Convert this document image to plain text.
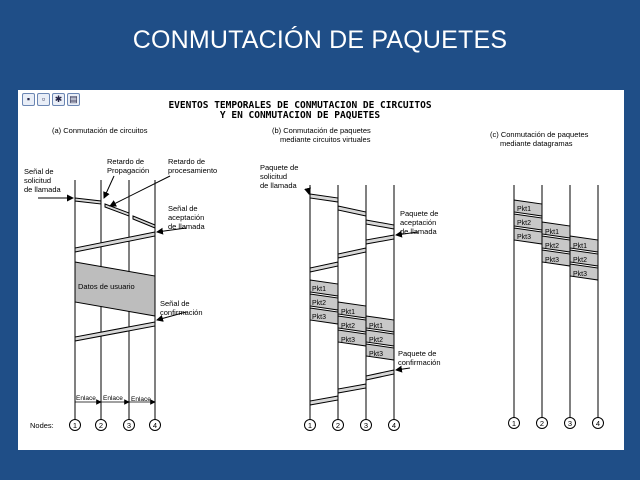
CONMUTACIÓN DE PAQUETES
▪	▫	✱ ▤
EVENTOS TEMPORALES DE CONMUTACION DE CIRCUITOS
Y EN CONMUTACION DE PAQUETES
(a) Conmutación de circuitos
Señal de
solicitud
de llamada
Retardo de
Propagación
Retardo de
procesamiento
Señal de
aceptación
de llamada
Datos de usuario
Señal de
confirmación
Enlace Enlace Enlace
Nodes:	1	2	3	4
(b) Conmutación de paquetes
mediante circuitos virtuales
Paquete de
solicitud
de llamada
Paquete de
aceptación
de llamada
Pkt1
Pkt2
Pkt3
Pkt1
Pkt2
Pkt3
Pkt1
Pkt2
Pkt3 Paquete de
confirmación
1	2	3	4
(c) Conmutación de paquetes
mediante datagramas
Pkt1
Pkt2
Pkt3
Pkt1
Pkt2
Pkt3
Pkt1
Pkt2
Pkt3
1	2	3	4
